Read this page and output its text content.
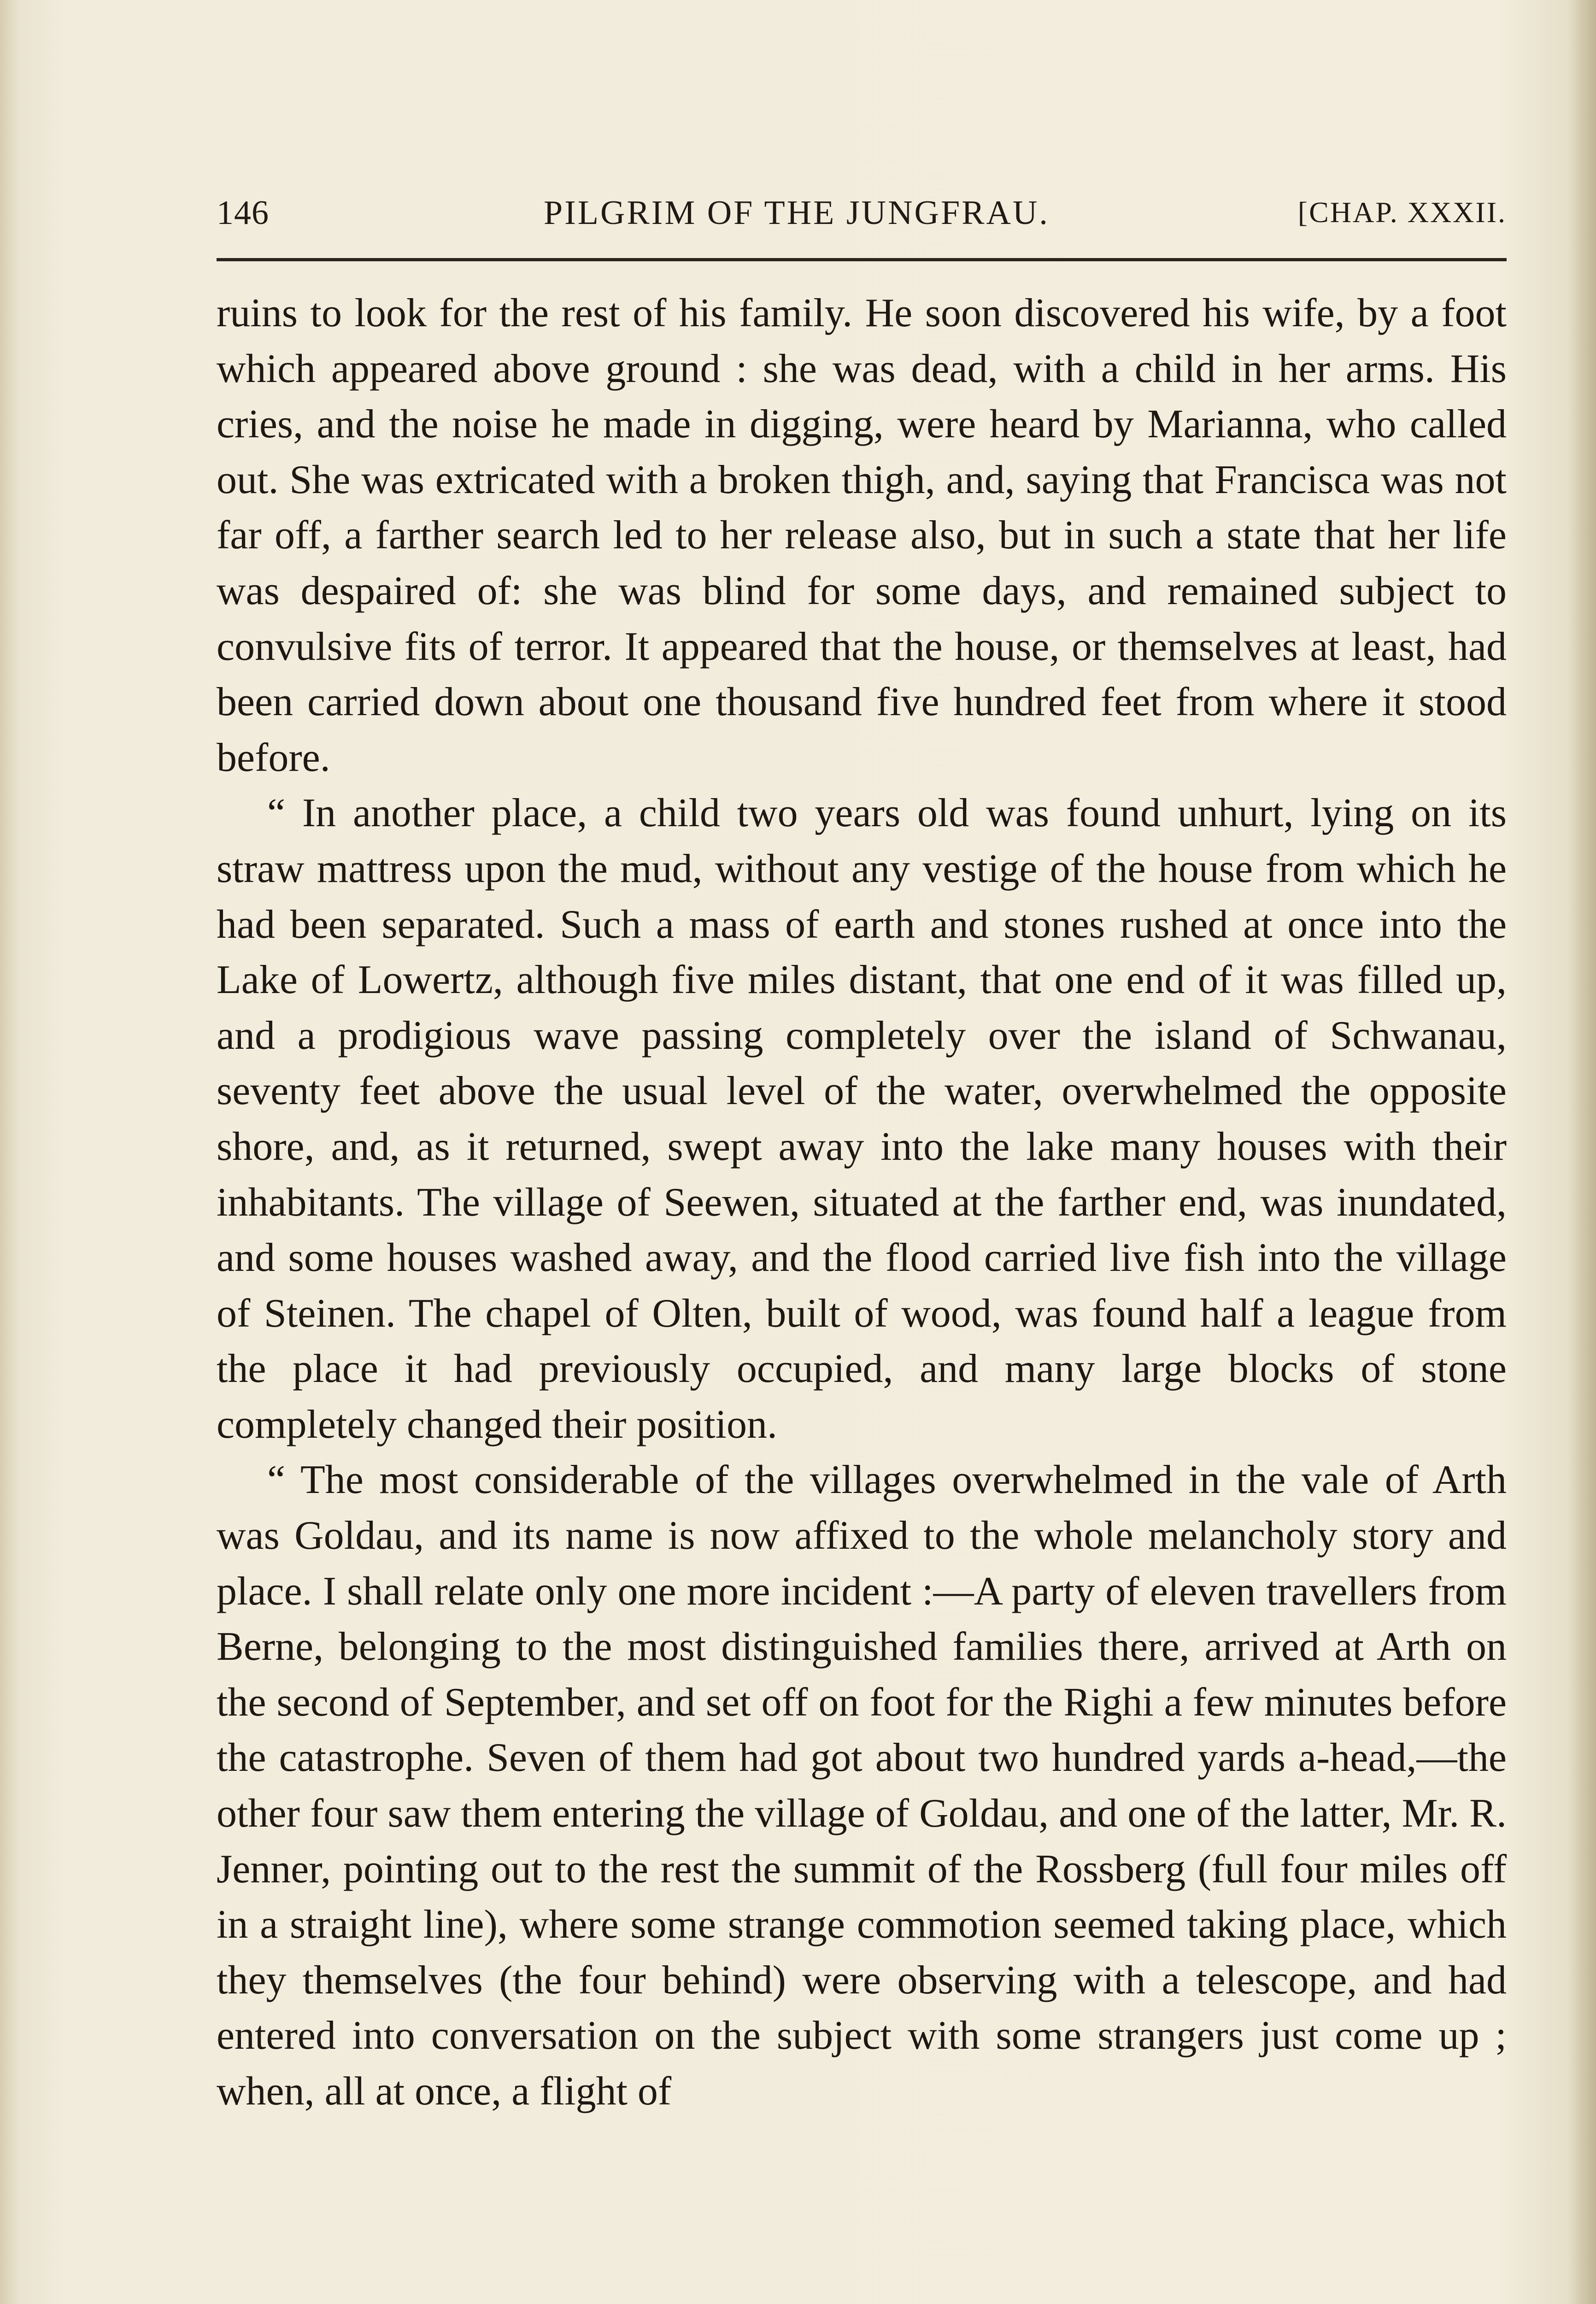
146	PILGRIM OF THE JUNGFRAU.	[CHAP. XXXII.

ruins to look for the rest of his family. He soon discovered his wife, by a foot which appeared above ground : she was dead, with a child in her arms. His cries, and the noise he made in digging, were heard by Marianna, who called out. She was extricated with a broken thigh, and, saying that Francisca was not far off, a farther search led to her release also, but in such a state that her life was despaired of: she was blind for some days, and remained subject to convulsive fits of terror. It appeared that the house, or themselves at least, had been carried down about one thousand five hundred feet from where it stood before.

“ In another place, a child two years old was found unhurt, lying on its straw mattress upon the mud, without any vestige of the house from which he had been separated. Such a mass of earth and stones rushed at once into the Lake of Lowertz, although five miles distant, that one end of it was filled up, and a prodigious wave passing completely over the island of Schwanau, seventy feet above the usual level of the water, overwhelmed the opposite shore, and, as it returned, swept away into the lake many houses with their inhabitants. The village of Seewen, situated at the farther end, was inundated, and some houses washed away, and the flood carried live fish into the village of Steinen. The chapel of Olten, built of wood, was found half a league from the place it had previously occupied, and many large blocks of stone completely changed their position.

“ The most considerable of the villages overwhelmed in the vale of Arth was Goldau, and its name is now affixed to the whole melancholy story and place. I shall relate only one more incident :—A party of eleven travellers from Berne, belonging to the most distinguished families there, arrived at Arth on the second of September, and set off on foot for the Righi a few minutes before the catastrophe. Seven of them had got about two hundred yards a-head,—the other four saw them entering the village of Goldau, and one of the latter, Mr. R. Jenner, pointing out to the rest the summit of the Rossberg (full four miles off in a straight line), where some strange commotion seemed taking place, which they themselves (the four behind) were observing with a telescope, and had entered into conversation on the subject with some strangers just come up ; when, all at once, a flight of
